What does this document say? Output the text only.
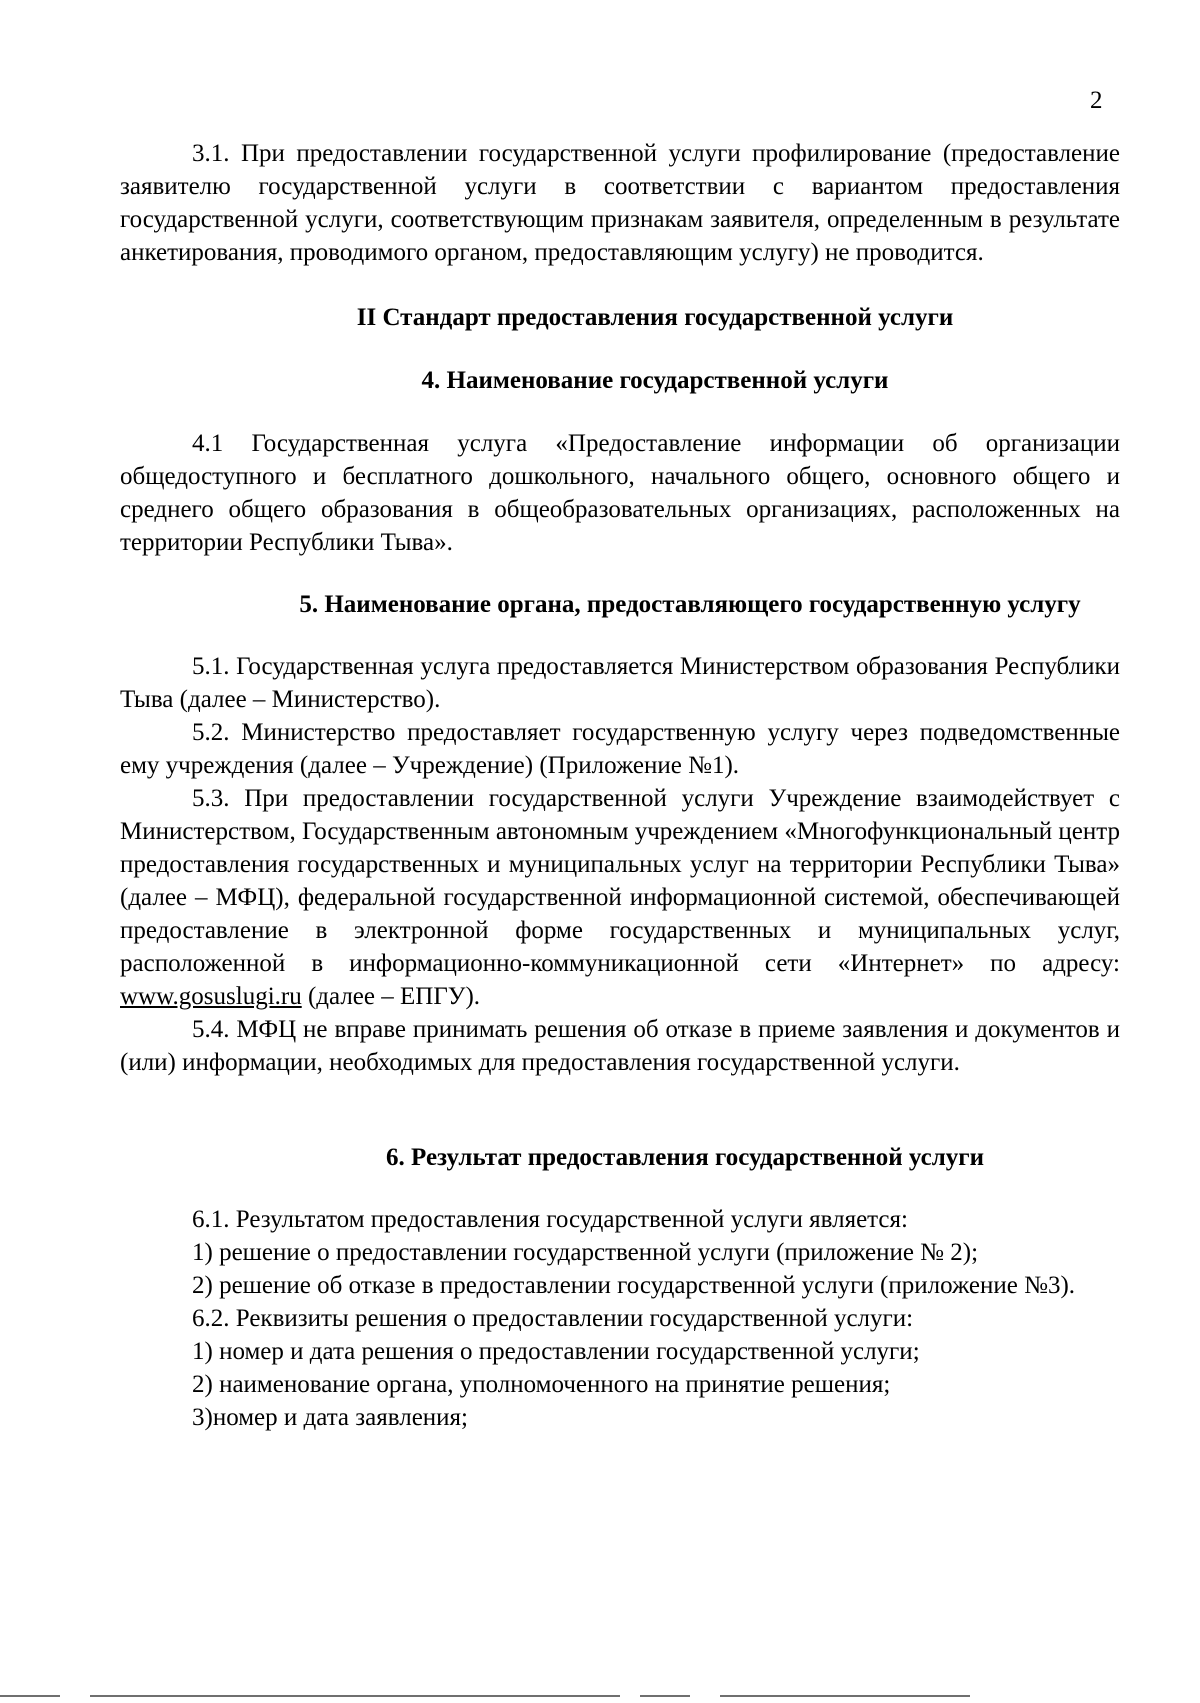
2

3.1. При предоставлении государственной услуги профилирование (предоставление заявителю государственной услуги в соответствии с вариантом предоставления государственной услуги, соответствующим признакам заявителя, определенным в результате анкетирования, проводимого органом, предоставляющим услугу) не проводится.

II Стандарт предоставления государственной услуги

4. Наименование государственной услуги

4.1 Государственная услуга «Предоставление информации об организации общедоступного и бесплатного дошкольного, начального общего, основного общего и среднего общего образования в общеобразовательных организациях, расположенных на территории Республики Тыва».

5. Наименование органа, предоставляющего государственную услугу

5.1. Государственная услуга предоставляется Министерством образования Республики Тыва (далее – Министерство).

5.2. Министерство предоставляет государственную услугу через подведомственные ему учреждения (далее – Учреждение) (Приложение №1).

5.3. При предоставлении государственной услуги Учреждение взаимодействует с Министерством, Государственным автономным учреждением «Многофункциональный центр предоставления государственных и муниципальных услуг на территории Республики Тыва» (далее – МФЦ), федеральной государственной информационной системой, обеспечивающей предоставление в электронной форме государственных и муниципальных услуг, расположенной в информационно-коммуникационной сети «Интернет» по адресу: www.gosuslugi.ru (далее – ЕПГУ).

5.4. МФЦ не вправе принимать решения об отказе в приеме заявления и документов и (или) информации, необходимых для предоставления государственной услуги.

6. Результат предоставления государственной услуги

6.1. Результатом предоставления государственной услуги является:

1) решение о предоставлении государственной услуги (приложение № 2);

2) решение об отказе в предоставлении государственной услуги (приложение №3).

6.2. Реквизиты решения о предоставлении государственной услуги:

1) номер и дата решения о предоставлении государственной услуги;

2) наименование органа, уполномоченного на принятие решения;

3)номер и дата заявления;
